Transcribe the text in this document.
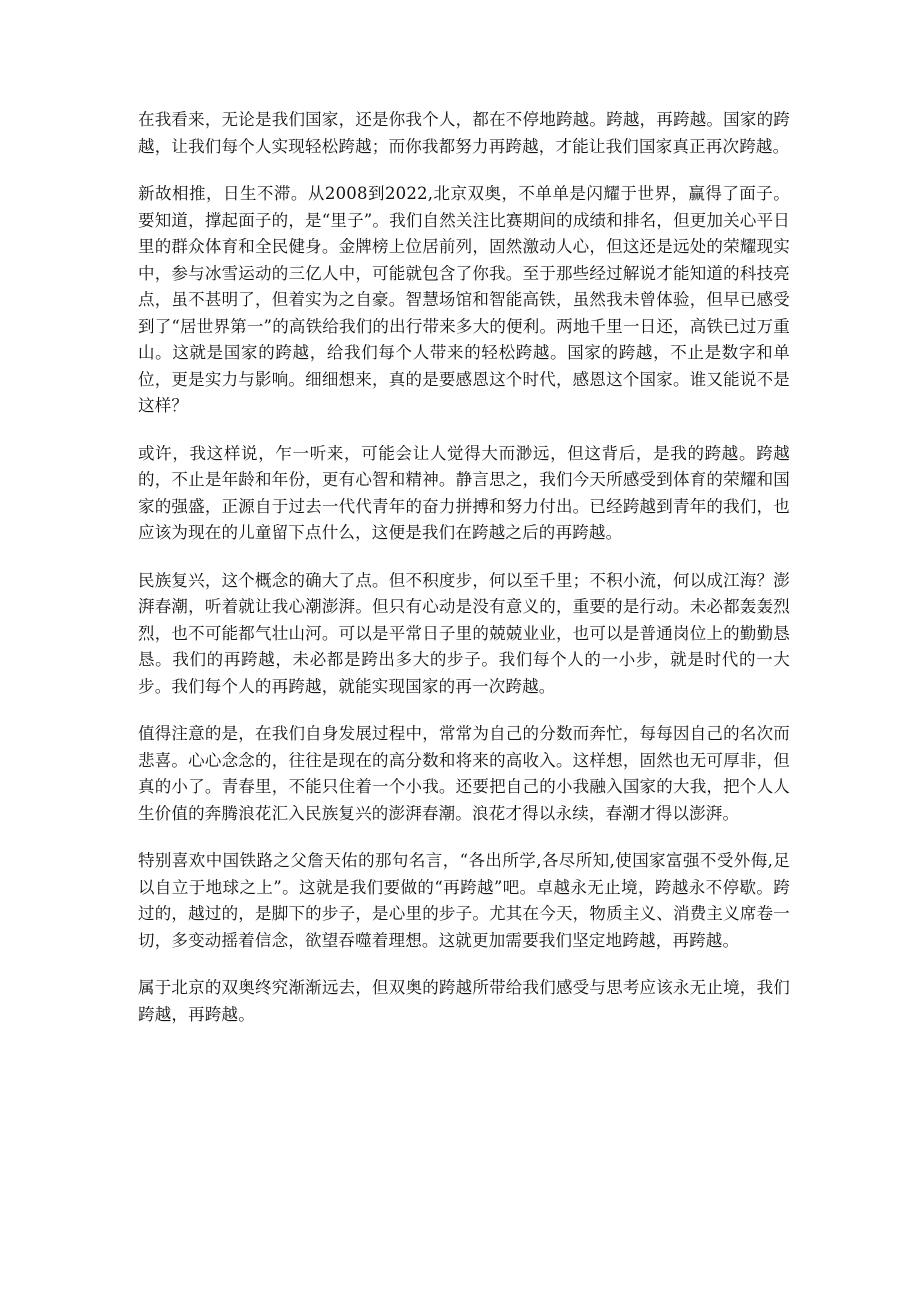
在我看来，无论是我们国家，还是你我个人，都在不停地跨越。跨越，再跨越。国家的跨越，让我们每个人实现轻松跨越；而你我都努力再跨越，才能让我们国家真正再次跨越。

新故相推，日生不滞。从2008到2022,北京双奥，不单单是闪耀于世界，赢得了面子。要知道，撑起面子的，是“里子”。我们自然关注比赛期间的成绩和排名，但更加关心平日里的群众体育和全民健身。金牌榜上位居前列，固然激动人心，但这还是远处的荣耀现实中，参与冰雪运动的三亿人中，可能就包含了你我。至于那些经过解说才能知道的科技亮点，虽不甚明了，但着实为之自豪。智慧场馆和智能高铁，虽然我未曾体验，但早已感受到了“居世界第一”的高铁给我们的出行带来多大的便利。两地千里一日还，高铁已过万重山。这就是国家的跨越，给我们每个人带来的轻松跨越。国家的跨越，不止是数字和单位，更是实力与影响。细细想来，真的是要感恩这个时代，感恩这个国家。谁又能说不是这样？

或许，我这样说，乍一听来，可能会让人觉得大而渺远，但这背后，是我的跨越。跨越的，不止是年龄和年份，更有心智和精神。静言思之，我们今天所感受到体育的荣耀和国家的强盛，正源自于过去一代代青年的奋力拼搏和努力付出。已经跨越到青年的我们，也应该为现在的儿童留下点什么，这便是我们在跨越之后的再跨越。

民族复兴，这个概念的确大了点。但不积度步，何以至千里；不积小流，何以成江海？澎湃春潮，听着就让我心潮澎湃。但只有心动是没有意义的，重要的是行动。未必都轰轰烈烈，也不可能都气壮山河。可以是平常日子里的兢兢业业，也可以是普通岗位上的勤勤恳恳。我们的再跨越，未必都是跨出多大的步子。我们每个人的一小步，就是时代的一大步。我们每个人的再跨越，就能实现国家的再一次跨越。

值得注意的是，在我们自身发展过程中，常常为自己的分数而奔忙，每每因自己的名次而悲喜。心心念念的，往往是现在的高分数和将来的高收入。这样想，固然也无可厚非，但真的小了。青春里，不能只住着一个小我。还要把自己的小我融入国家的大我，把个人人生价值的奔腾浪花汇入民族复兴的澎湃春潮。浪花才得以永续，春潮才得以澎湃。

特别喜欢中国铁路之父詹天佑的那句名言，“各出所学,各尽所知,使国家富强不受外侮,足以自立于地球之上”。这就是我们要做的“再跨越”吧。卓越永无止境，跨越永不停歇。跨过的，越过的，是脚下的步子，是心里的步子。尤其在今天，物质主义、消费主义席卷一切，多变动摇着信念，欲望吞噬着理想。这就更加需要我们坚定地跨越，再跨越。

属于北京的双奥终究渐渐远去，但双奥的跨越所带给我们感受与思考应该永无止境，我们跨越，再跨越。
